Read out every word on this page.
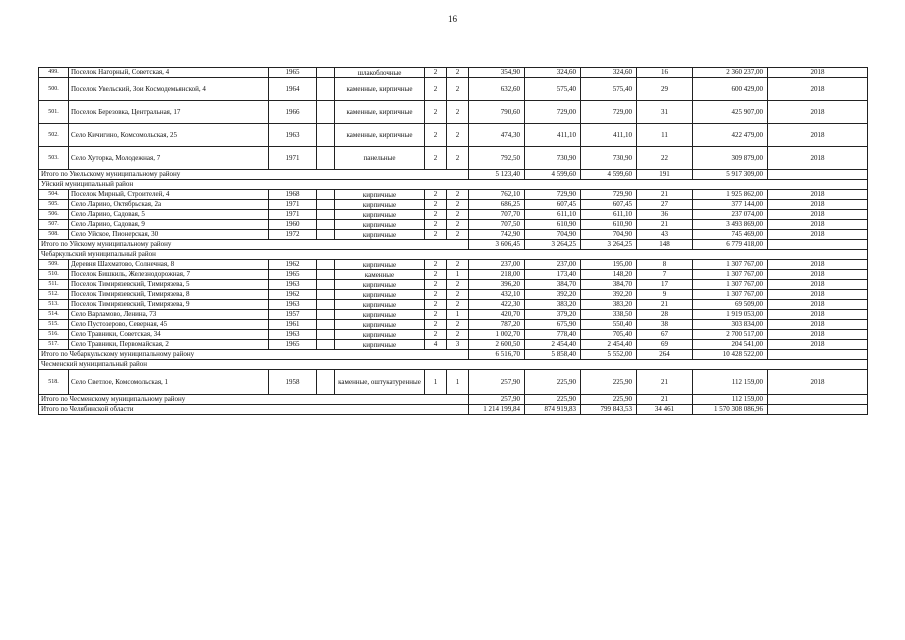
16
499.	Поселок Нагорный, Советская, 4	1965		шлакоблочные	2	2	354,90	324,60	324,60	16	2 360 237,00	2018
500.	Поселок Увельский, Зои Космодемьянской, 4	1964		каменные, кирпичные	2	2	632,60	575,40	575,40	29	600 429,00	2018
501.	Поселок Березовка, Центральная, 17	1966		каменные, кирпичные	2	2	790,60	729,00	729,00	31	425 907,00	2018
502.	Село Кичигино, Комсомольская, 25	1963		каменные, кирпичные	2	2	474,30	411,10	411,10	11	422 479,00	2018
503.	Село Хуторка, Молодежная, 7	1971		панельные	2	2	792,50	730,90	730,90	22	309 879,00	2018
Итого по Увельскому муниципальному району							5 123,40	4 599,60	4 599,60	191	5 917 309,00	
Уйский муниципальный район												
504.	Поселок Мирный, Строителей, 4	1968		кирпичные	2	2	762,10	729,90	729,90	21	1 925 862,00	2018
505.	Село Ларино, Октябрьская, 2а	1971		кирпичные	2	2	686,25	607,45	607,45	27	377 144,00	2018
506.	Село Ларино, Садовая, 5	1971		кирпичные	2	2	707,70	611,10	611,10	36	237 074,00	2018
507.	Село Ларино, Садовая, 9	1960		кирпичные	2	2	707,50	610,90	610,90	21	3 493 869,00	2018
508.	Село Уйское, Пионерская, 30	1972		кирпичные	2	2	742,90	704,90	704,90	43	745 469,00	2018
Итого по Уйскому муниципальному району							3 606,45	3 264,25	3 264,25	148	6 779 418,00	
Чебаркульский муниципальный район												
509.	Деревня Шахматово, Солнечная, 8	1962		кирпичные	2	2	237,00	237,00	195,00	8	1 307 767,00	2018
510.	Поселок Бишкиль, Железнодорожная, 7	1965		каменные	2	1	218,00	173,40	148,20	7	1 307 767,00	2018
511.	Поселок Тимирязевский, Тимирязева, 5	1963		кирпичные	2	2	396,20	384,70	384,70	17	1 307 767,00	2018
512.	Поселок Тимирязевский, Тимирязева, 8	1962		кирпичные	2	2	432,10	392,20	392,20	9	1 307 767,00	2018
513.	Поселок Тимирязевский, Тимирязева, 9	1963		кирпичные	2	2	422,30	383,20	383,20	21	69 509,00	2018
514.	Село Варламово, Ленина, 73	1957		кирпичные	2	1	420,70	379,20	338,50	28	1 919 053,00	2018
515.	Село Пустозерово, Северная, 45	1961		кирпичные	2	2	787,20	675,90	550,40	38	303 834,00	2018
516.	Село Травники, Советская, 34	1963		кирпичные	2	2	1 002,70	778,40	705,40	67	2 700 517,00	2018
517.	Село Травники, Первомайская, 2	1965		кирпичные	4	3	2 600,50	2 454,40	2 454,40	69	204 541,00	2018
Итого по Чебаркульскому муниципальному району							6 516,70	5 858,40	5 552,00	264	10 428 522,00	
Чесменский муниципальный район												
518.	Село Светлое, Комсомольская, 1	1958		каменные, оштукатуренные	1	1	257,90	225,90	225,90	21	112 159,00	2018
Итого по Чесменскому муниципальному району							257,90	225,90	225,90	21	112 159,00	
Итого по Челябинской области							1 214 199,84	874 919,83	799 843,53	34 461	1 570 308 086,96	
